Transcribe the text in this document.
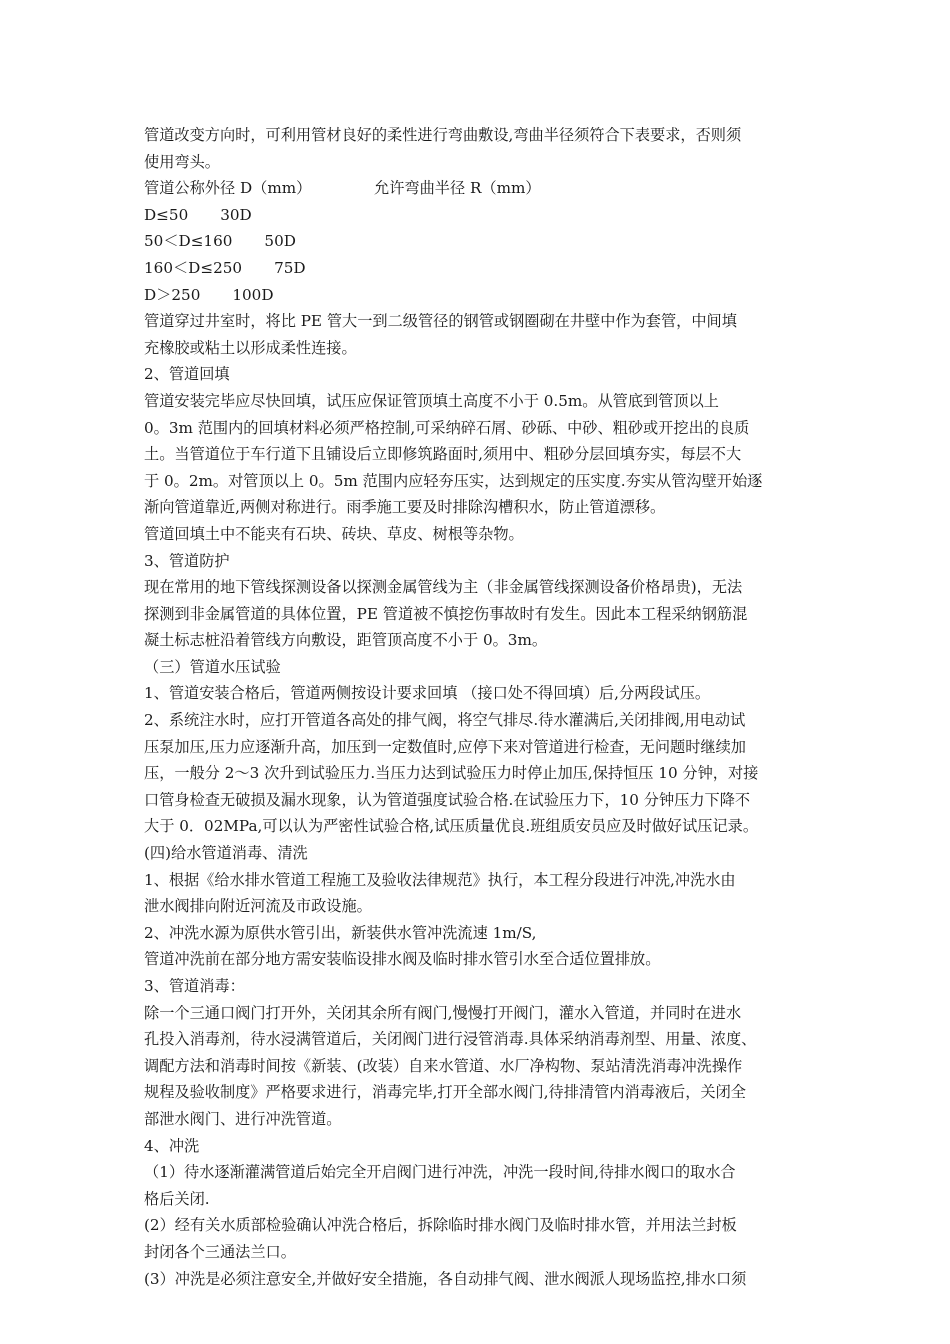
管道改变方向时，可利用管材良好的柔性进行弯曲敷设,弯曲半径须符合下表要求，否则须
使用弯头。
管道公称外径 D（mm）	允许弯曲半径 R（mm）
D≤50 30D
50＜D≤160 50D
160＜D≤250 75D
D＞250 100D
管道穿过井室时，将比 PE 管大一到二级管径的钢管或钢圈砌在井壁中作为套管，中间填
充橡胶或粘土以形成柔性连接。
2、管道回填
管道安装完毕应尽快回填，试压应保证管顶填土高度不小于 0.5m。从管底到管顶以上
0。3m 范围内的回填材料必须严格控制,可采纳碎石屑、砂砾、中砂、粗砂或开挖出的良质
土。当管道位于车行道下且铺设后立即修筑路面时,须用中、粗砂分层回填夯实，每层不大
于 0。2m。对管顶以上 0。5m 范围内应轻夯压实，达到规定的压实度.夯实从管沟壁开始逐
渐向管道靠近,两侧对称进行。雨季施工要及时排除沟槽积水，防止管道漂移。
管道回填土中不能夹有石块、砖块、草皮、树根等杂物。
3、管道防护
现在常用的地下管线探测设备以探测金属管线为主（非金属管线探测设备价格昂贵)，无法
探测到非金属管道的具体位置，PE 管道被不慎挖伤事故时有发生。因此本工程采纳钢筋混
凝土标志桩沿着管线方向敷设，距管顶高度不小于 0。3m。
（三）管道水压试验
1、管道安装合格后，管道两侧按设计要求回填 （接口处不得回填）后,分两段试压。
2、系统注水时，应打开管道各高处的排气阀，将空气排尽.待水灌满后,关闭排阀,用电动试
压泵加压,压力应逐渐升高，加压到一定数值时,应停下来对管道进行检查，无问题时继续加
压，一般分 2～3 次升到试验压力.当压力达到试验压力时停止加压,保持恒压 10 分钟，对接
口管身检查无破损及漏水现象，认为管道强度试验合格.在试验压力下，10 分钟压力下降不
大于 0．02MPa,可以认为严密性试验合格,试压质量优良.班组质安员应及时做好试压记录。
(四)给水管道消毒、清洗
1、根据《给水排水管道工程施工及验收法律规范》执行，本工程分段进行冲洗,冲洗水由
泄水阀排向附近河流及市政设施。
2、冲洗水源为原供水管引出，新装供水管冲洗流速 1m/S,
管道冲洗前在部分地方需安装临设排水阀及临时排水管引水至合适位置排放。
3、管道消毒：
除一个三通口阀门打开外，关闭其余所有阀门,慢慢打开阀门，灌水入管道，并同时在进水
孔投入消毒剂，待水浸满管道后，关闭阀门进行浸管消毒.具体采纳消毒剂型、用量、浓度、
调配方法和消毒时间按《新装、(改装）自来水管道、水厂净构物、泵站清洗消毒冲洗操作
规程及验收制度》严格要求进行，消毒完毕,打开全部水阀门,待排清管内消毒液后，关闭全
部泄水阀门、进行冲洗管道。
4、冲洗
（1）待水逐渐灌满管道后始完全开启阀门进行冲洗，冲洗一段时间,待排水阀口的取水合
格后关闭.
(2）经有关水质部检验确认冲洗合格后，拆除临时排水阀门及临时排水管，并用法兰封板
封闭各个三通法兰口。
(3）冲洗是必须注意安全,并做好安全措施，各自动排气阀、泄水阀派人现场监控,排水口须
